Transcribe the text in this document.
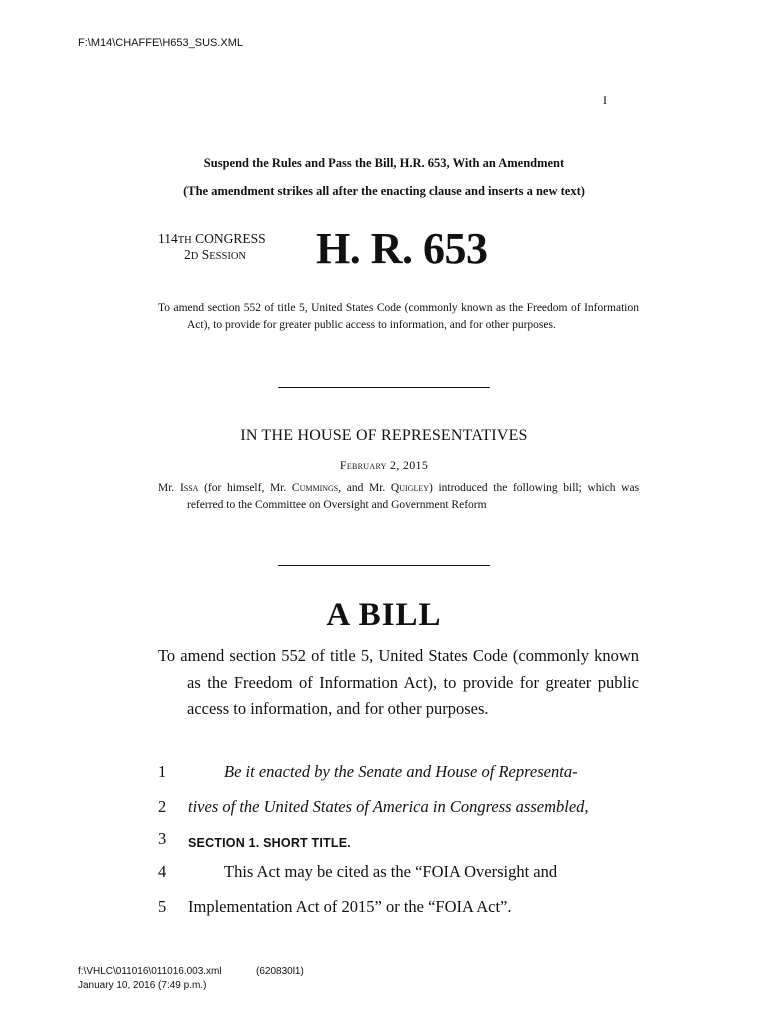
F:\M14\CHAFFE\H653_SUS.XML
I
Suspend the Rules and Pass the Bill, H.R. 653, With an Amendment
(The amendment strikes all after the enacting clause and inserts a new text)
114TH CONGRESS
2D SESSION H. R. 653
To amend section 552 of title 5, United States Code (commonly known as the Freedom of Information Act), to provide for greater public access to information, and for other purposes.
IN THE HOUSE OF REPRESENTATIVES
February 2, 2015
Mr. Issa (for himself, Mr. Cummings, and Mr. Quigley) introduced the following bill; which was referred to the Committee on Oversight and Government Reform
A BILL
To amend section 552 of title 5, United States Code (commonly known as the Freedom of Information Act), to provide for greater public access to information, and for other purposes.
1	Be it enacted by the Senate and House of Representa-
2	tives of the United States of America in Congress assembled,
3	SECTION 1. SHORT TITLE.
4	This Act may be cited as the “FOIA Oversight and
5	Implementation Act of 2015” or the “FOIA Act”.
f:\VHLC\011016\011016.003.xml	(620830l1)
January 10, 2016 (7:49 p.m.)
